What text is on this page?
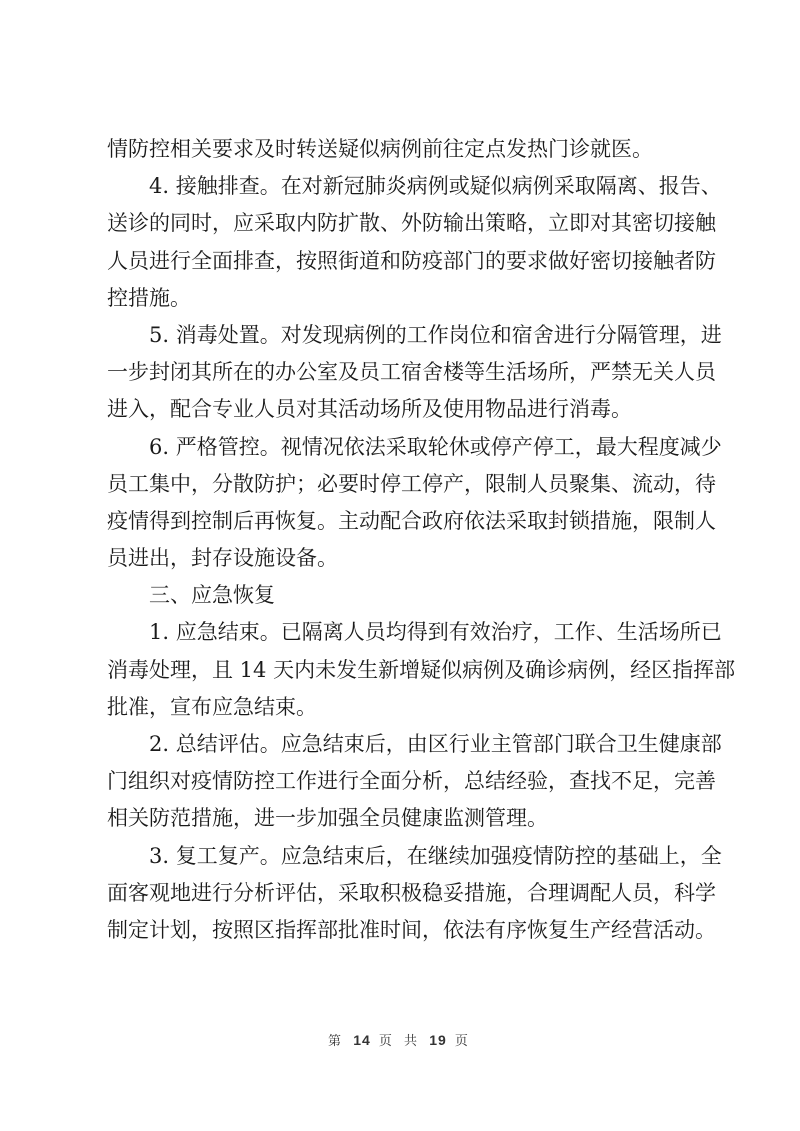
情防控相关要求及时转送疑似病例前往定点发热门诊就医。
4. 接触排查。在对新冠肺炎病例或疑似病例采取隔离、报告、
送诊的同时，应采取内防扩散、外防输出策略，立即对其密切接触
人员进行全面排查，按照街道和防疫部门的要求做好密切接触者防
控措施。
5. 消毒处置。对发现病例的工作岗位和宿舍进行分隔管理，进
一步封闭其所在的办公室及员工宿舍楼等生活场所，严禁无关人员
进入，配合专业人员对其活动场所及使用物品进行消毒。
6. 严格管控。视情况依法采取轮休或停产停工，最大程度减少
员工集中，分散防护；必要时停工停产，限制人员聚集、流动，待
疫情得到控制后再恢复。主动配合政府依法采取封锁措施，限制人
员进出，封存设施设备。
三、应急恢复
1. 应急结束。已隔离人员均得到有效治疗，工作、生活场所已
消毒处理，且 14 天内未发生新增疑似病例及确诊病例，经区指挥部
批准，宣布应急结束。
2. 总结评估。应急结束后，由区行业主管部门联合卫生健康部
门组织对疫情防控工作进行全面分析，总结经验，查找不足，完善
相关防范措施，进一步加强全员健康监测管理。
3. 复工复产。应急结束后，在继续加强疫情防控的基础上，全
面客观地进行分析评估，采取积极稳妥措施，合理调配人员，科学
制定计划，按照区指挥部批准时间，依法有序恢复生产经营活动。
第 14 页 共 19 页
